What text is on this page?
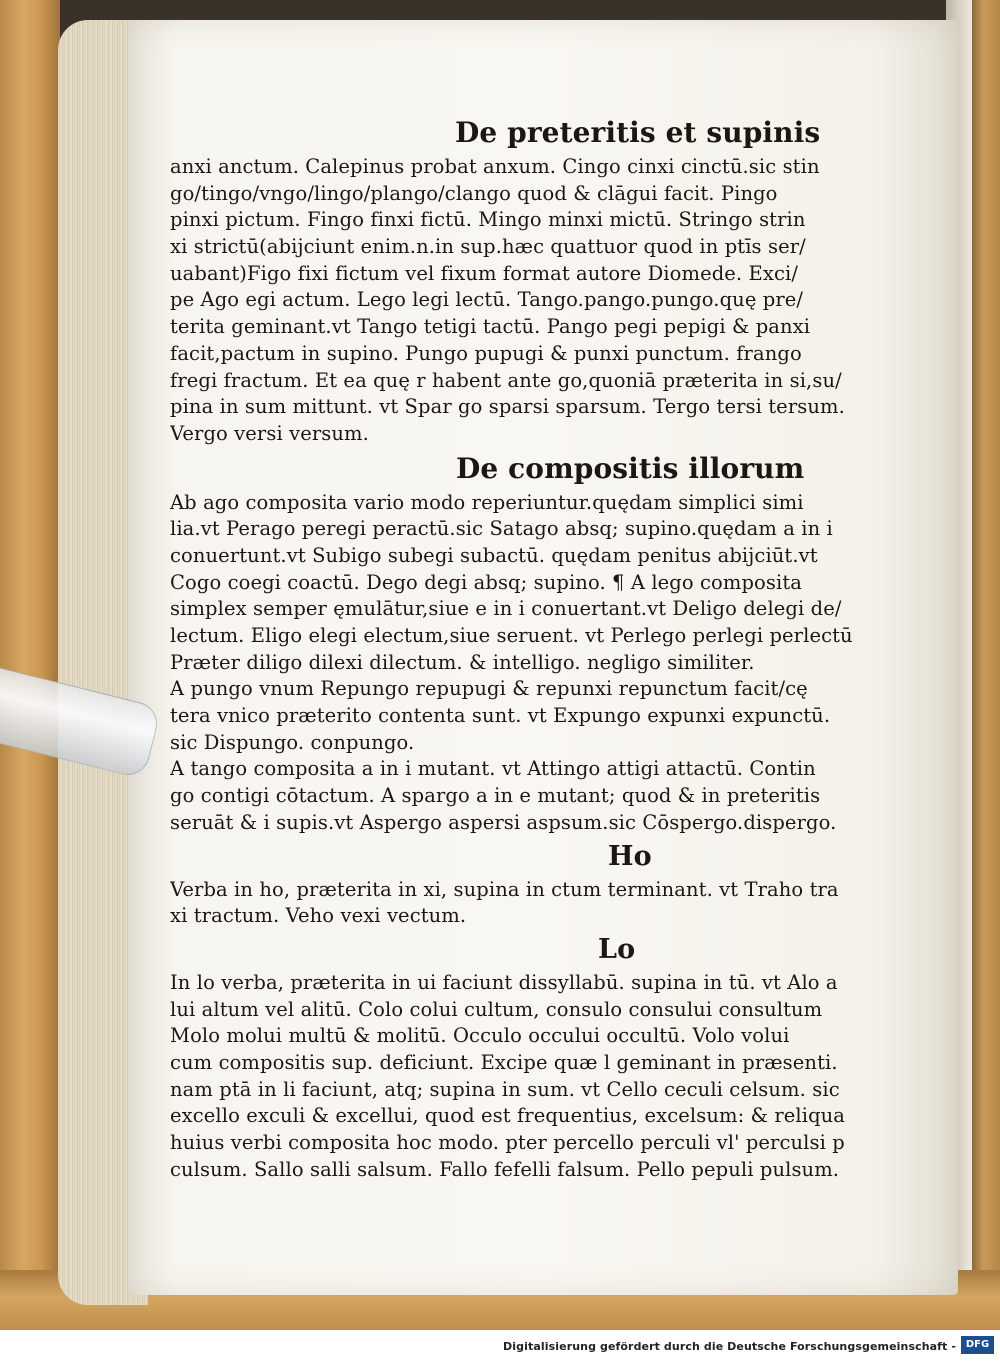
De preteritis et supinis
anxi anctum. Calepinus probat anxum. Cingo cinxi cinctū.sic stin
go/tingo/vngo/lingo/plango/clango quod & clāgui facit. Pingo
pinxi pictum. Fingo finxi fictū. Mingo minxi mictū. Stringo strin
xi strictū(abijciunt enim.n.in sup.hæc quattuor quod in ptīs ser/
uabant)Figo fixi fictum vel fixum format autore Diomede. Exci/
pe Ago egi actum. Lego legi lectū. Tango.pango.pungo.quę pre/
terita geminant.vt Tango tetigi tactū. Pango pegi pepigi & panxi
facit,pactum in supino. Pungo pupugi & punxi punctum. frango
fregi fractum. Et ea quę r habent ante go,quoniā præterita in si,su/
pina in sum mittunt. vt Spar go sparsi sparsum. Tergo tersi tersum.
Vergo versi versum.
De compositis illorum
Ab ago composita vario modo reperiuntur.quędam simplici simi
lia.vt Perago peregi peractū.sic Satago absq; supino.quędam a in i
conuertunt.vt Subigo subegi subactū. quędam penitus abijciūt.vt
Cogo coegi coactū. Dego degi absq; supino. ¶ A lego composita
simplex semper ęmulātur,siue e in i conuertant.vt Deligo delegi de/
lectum. Eligo elegi electum,siue seruent. vt Perlego perlegi perlectū
Præter diligo dilexi dilectum. & intelligo. negligo similiter.
A pungo vnum Repungo repupugi & repunxi repunctum facit/cę
tera vnico præterito contenta sunt. vt Expungo expunxi expunctū.
sic Dispungo. conpungo.
A tango composita a in i mutant. vt Attingo attigi attactū. Contin
go contigi cōtactum. A spargo a in e mutant; quod & in preteritis
seruāt & i supis.vt Aspergo aspersi aspsum.sic Cōspergo.dispergo.
Ho
Verba in ho, præterita in xi, supina in ctum terminant. vt Traho tra
xi tractum. Veho vexi vectum.
Lo
In lo verba, præterita in ui faciunt dissyllabū. supina in tū. vt Alo a
lui altum vel alitū. Colo colui cultum, consulo consului consultum
Molo molui multū & molitū. Occulo occului occultū. Volo volui
cum compositis sup. deficiunt. Excipe quæ l geminant in præsenti.
nam ptā in li faciunt, atq; supina in sum. vt Cello ceculi celsum. sic
excello exculi & excellui, quod est frequentius, excelsum: & reliqua
huius verbi composita hoc modo. pter percello perculi vl' perculsi p
culsum. Sallo salli salsum. Fallo fefelli falsum. Pello pepuli pulsum.
Digitalisierung gefördert durch die Deutsche Forschungsgemeinschaft - DFG
